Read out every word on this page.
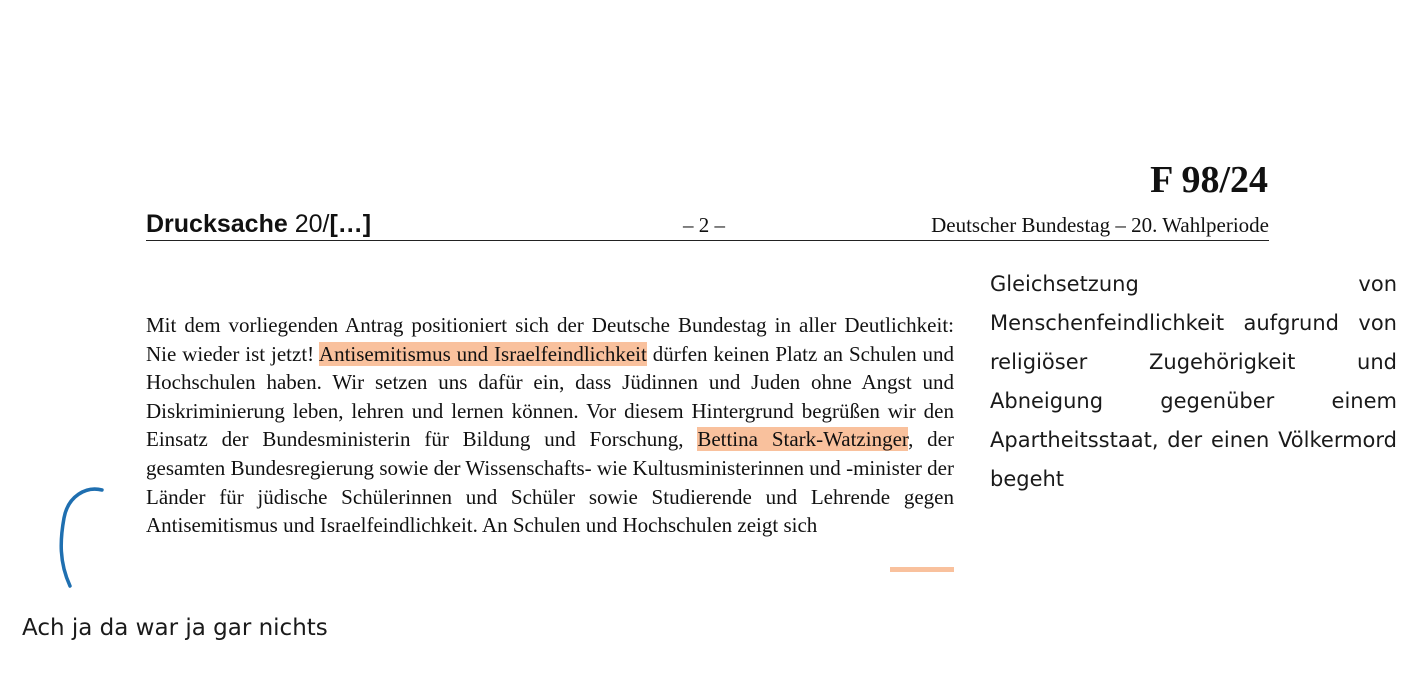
F 98/24
Drucksache 20/[…]	– 2 –	Deutscher Bundestag – 20. Wahlperiode
Mit dem vorliegenden Antrag positioniert sich der Deutsche Bundestag in aller Deutlichkeit: Nie wieder ist jetzt! Antisemitismus und Israelfeindlichkeit dürfen keinen Platz an Schulen und Hochschulen haben. Wir setzen uns dafür ein, dass Jüdinnen und Juden ohne Angst und Diskriminierung leben, lehren und lernen können. Vor diesem Hintergrund begrüßen wir den Einsatz der Bundesministerin für Bildung und Forschung, Bettina Stark-Watzinger, der gesamten Bundesregierung sowie der Wissenschafts- wie Kultusministerinnen und -minister der Länder für jüdische Schülerinnen und Schüler sowie Studierende und Lehrende gegen Antisemitismus und Israelfeindlichkeit. An Schulen und Hochschulen zeigt sich
Gleichsetzung von Menschenfeindlichkeit aufgrund von religiöser Zugehörigkeit und Abneigung gegenüber einem Apartheitsstaat, der einen Völkermord begeht
Ach ja da war ja gar nichts
